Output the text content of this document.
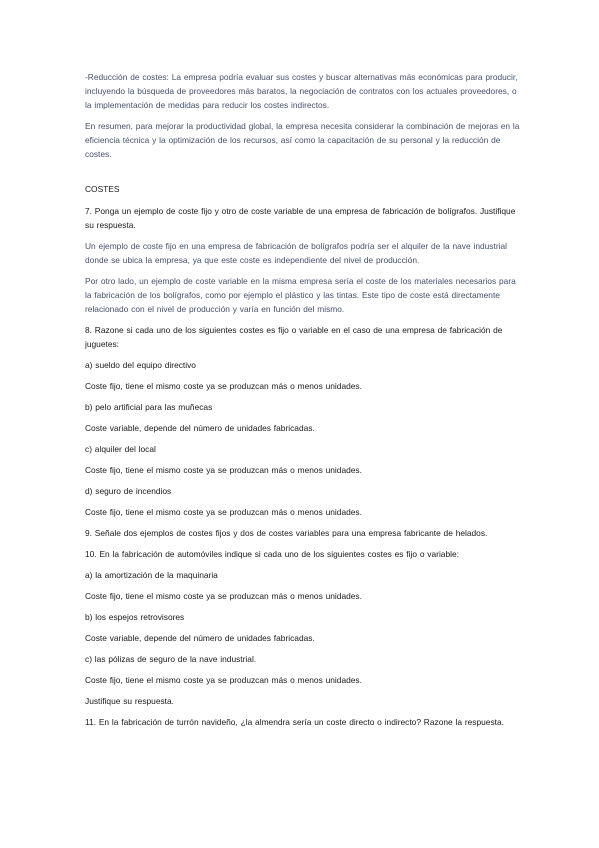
-Reducción de costes: La empresa podría evaluar sus costes y buscar alternativas más económicas para producir, incluyendo la búsqueda de proveedores más baratos, la negociación de contratos con los actuales proveedores, o la implementación de medidas para reducir los costes indirectos.

En resumen, para mejorar la productividad global, la empresa necesita considerar la combinación de mejoras en la eficiencia técnica y la optimización de los recursos, así como la capacitación de su personal y la reducción de costes.

COSTES

7. Ponga un ejemplo de coste fijo y otro de coste variable de una empresa de fabricación de bolígrafos. Justifique su respuesta.

Un ejemplo de coste fijo en una empresa de fabricación de bolígrafos podría ser el alquiler de la nave industrial donde se ubica la empresa, ya que este coste es independiente del nivel de producción.

Por otro lado, un ejemplo de coste variable en la misma empresa sería el coste de los materiales necesarios para la fabricación de los bolígrafos, como por ejemplo el plástico y las tintas. Este tipo de coste está directamente relacionado con el nivel de producción y varía en función del mismo.

8. Razone si cada uno de los siguientes costes es fijo o variable en el caso de una empresa de fabricación de juguetes:

a) sueldo del equipo directivo

Coste fijo, tiene el mismo coste ya se produzcan más o menos unidades.

b) pelo artificial para las muñecas

Coste variable, depende del número de unidades fabricadas.

c) alquiler del local

Coste fijo, tiene el mismo coste ya se produzcan más o menos unidades.

d) seguro de incendios

Coste fijo, tiene el mismo coste ya se produzcan más o menos unidades.

9. Señale dos ejemplos de costes fijos y dos de costes variables para una empresa fabricante de helados.

10. En la fabricación de automóviles indique si cada uno de los siguientes costes es fijo o variable:

a) la amortización de la maquinaria

Coste fijo, tiene el mismo coste ya se produzcan más o menos unidades.

b) los espejos retrovisores

Coste variable, depende del número de unidades fabricadas.

c) las pólizas de seguro de la nave industrial.

Coste fijo, tiene el mismo coste ya se produzcan más o menos unidades.

Justifique su respuesta.

11. En la fabricación de turrón navideño, ¿la almendra sería un coste directo o indirecto? Razone la respuesta.
